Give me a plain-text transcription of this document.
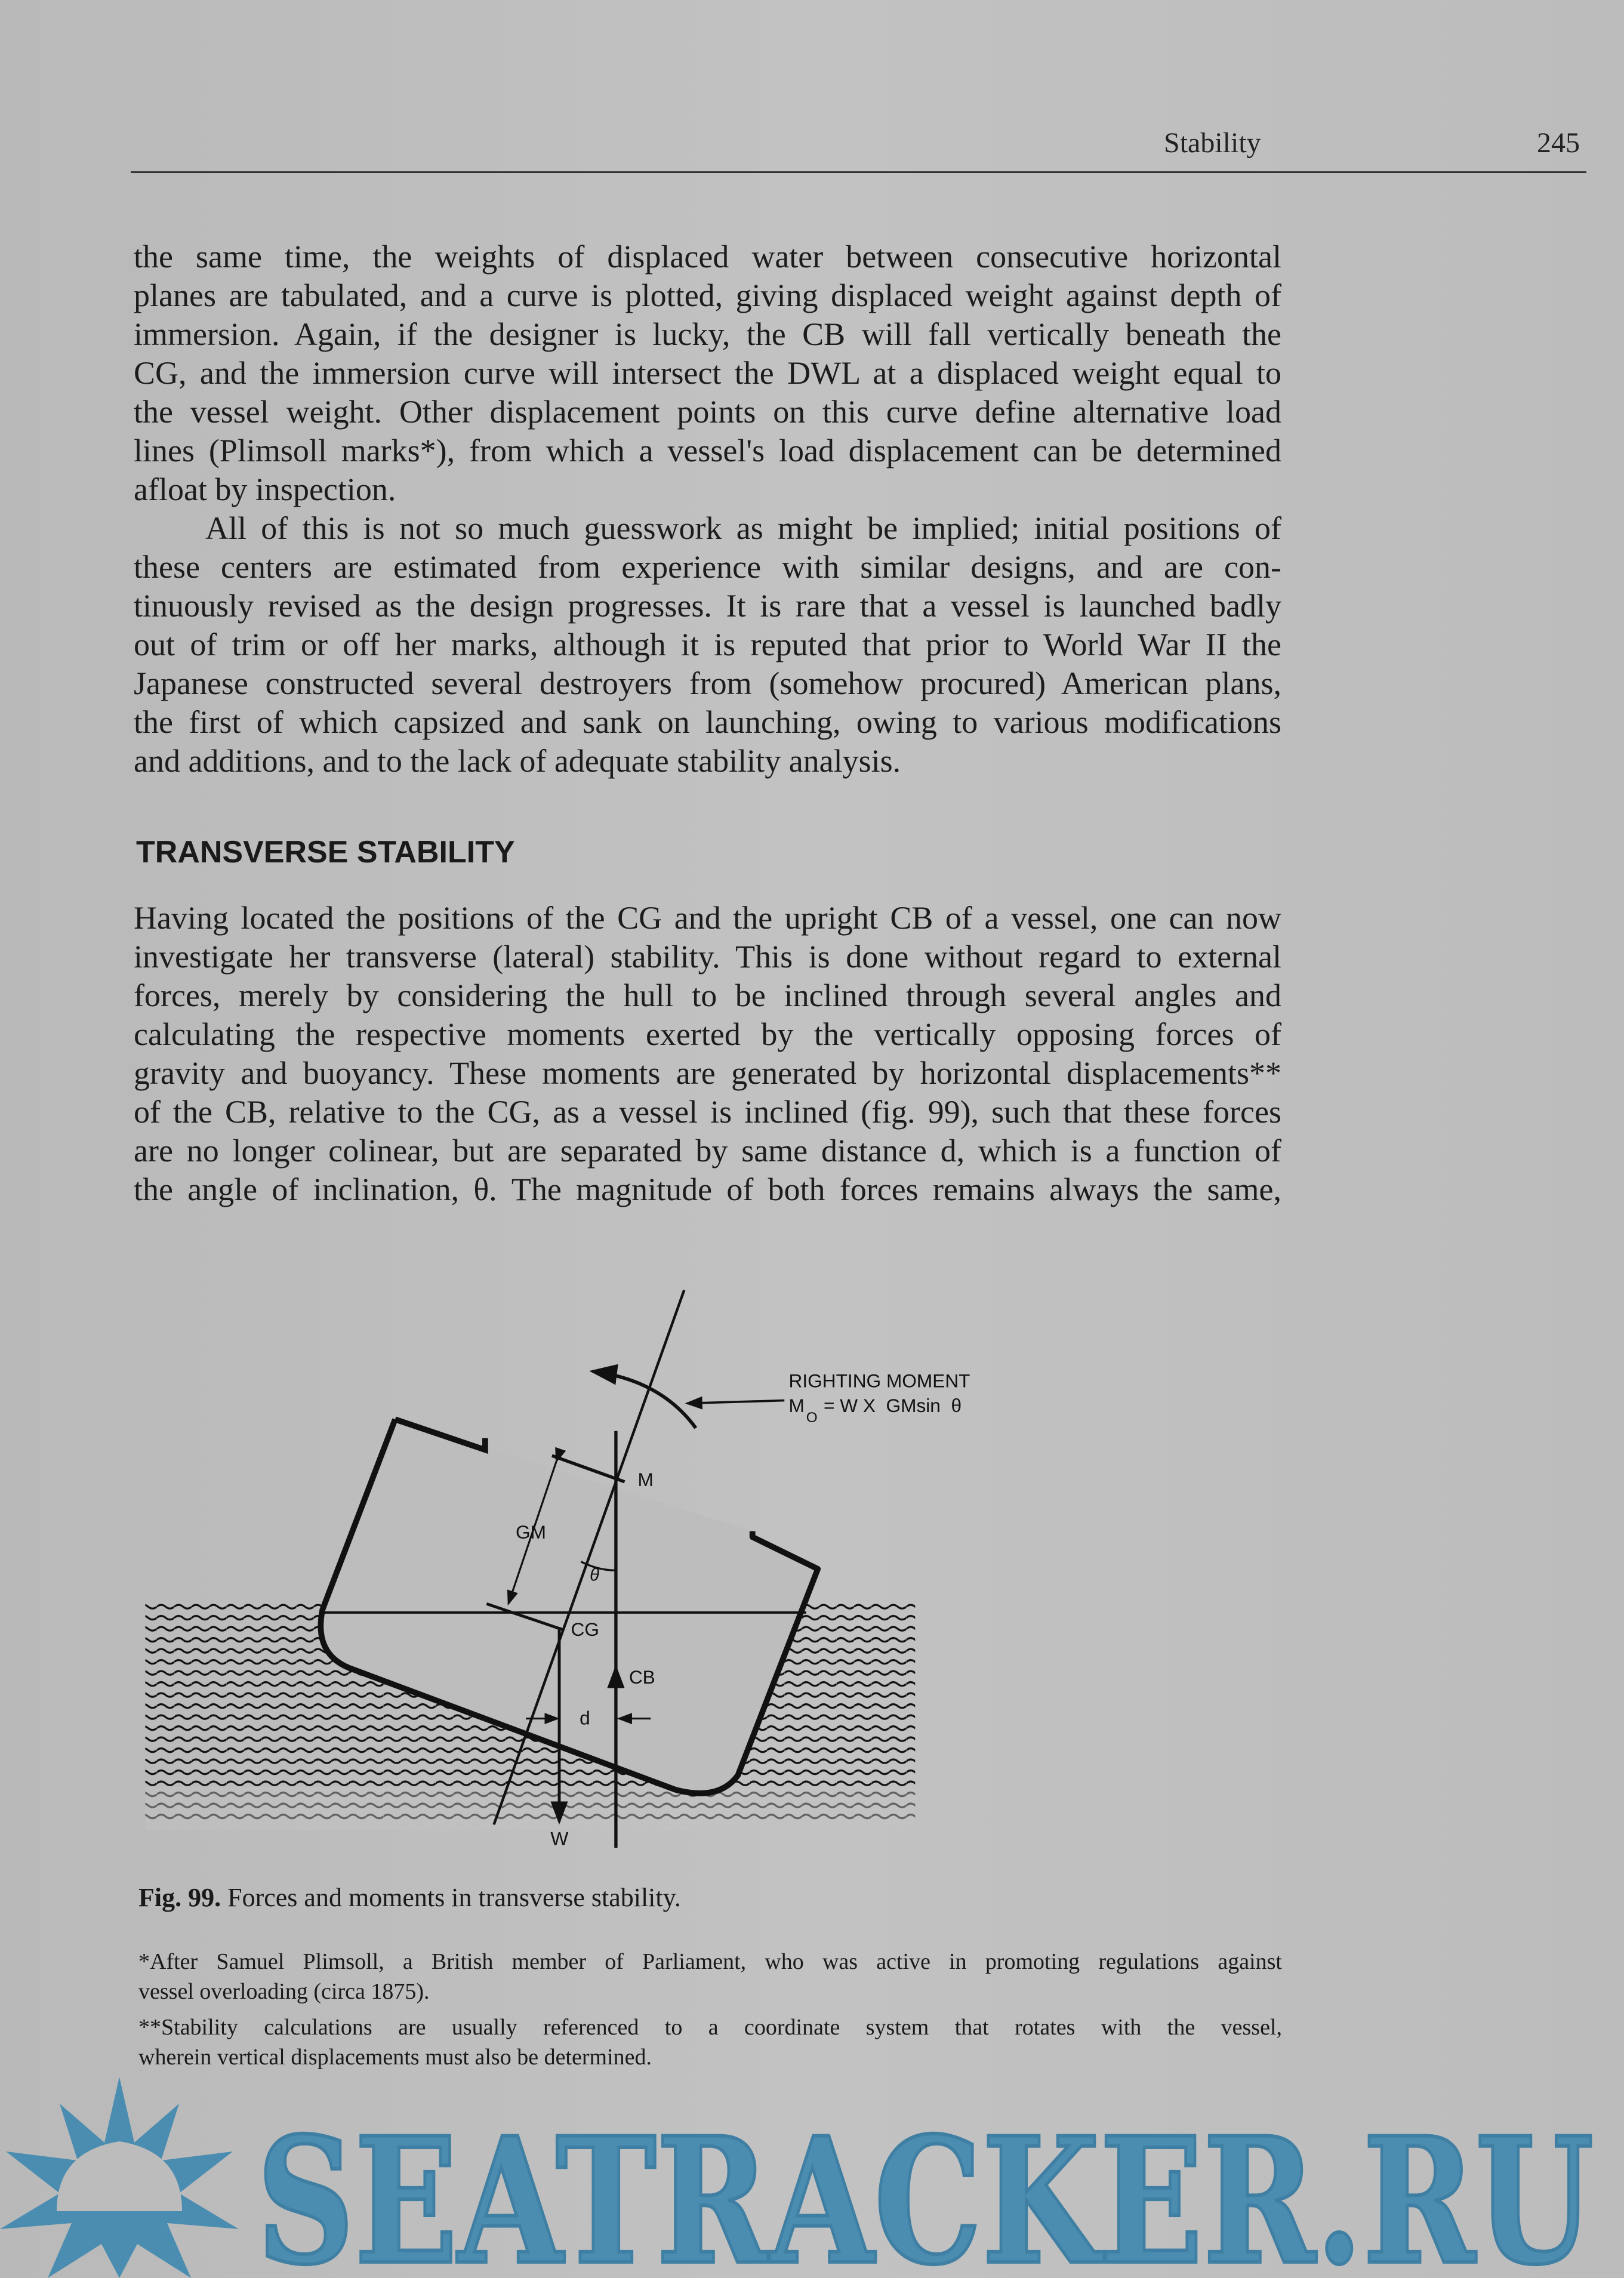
Stability	245
the same time, the weights of displaced water between consecutive horizontal
planes are tabulated, and a curve is plotted, giving displaced weight against depth of
immersion. Again, if the designer is lucky, the CB will fall vertically beneath the
CG, and the immersion curve will intersect the DWL at a displaced weight equal to
the vessel weight. Other displacement points on this curve define alternative load
lines (Plimsoll marks*), from which a vessel's load displacement can be determined
afloat by inspection.
All of this is not so much guesswork as might be implied; initial positions of
these centers are estimated from experience with similar designs, and are con-
tinuously revised as the design progresses. It is rare that a vessel is launched badly
out of trim or off her marks, although it is reputed that prior to World War II the
Japanese constructed several destroyers from (somehow procured) American plans,
the first of which capsized and sank on launching, owing to various modifications
and additions, and to the lack of adequate stability analysis.
TRANSVERSE STABILITY
Having located the positions of the CG and the upright CB of a vessel, one can now
investigate her transverse (lateral) stability. This is done without regard to external
forces, merely by considering the hull to be inclined through several angles and
calculating the respective moments exerted by the vertically opposing forces of
gravity and buoyancy. These moments are generated by horizontal displacements**
of the CB, relative to the CG, as a vessel is inclined (fig. 99), such that these forces
are no longer colinear, but are separated by same distance d, which is a function of
the angle of inclination, θ. The magnitude of both forces remains always the same,
RIGHTING MOMENT
M
O
= W X  GMsin  θ
M
GM
θ
CG
CB
d
W
Fig. 99. Forces and moments in transverse stability.
*After Samuel Plimsoll, a British member of Parliament, who was active in promoting regulations against
vessel overloading (circa 1875).
**Stability calculations are usually referenced to a coordinate system that rotates with the vessel,
wherein vertical displacements must also be determined.
SEATRACKER.RU
